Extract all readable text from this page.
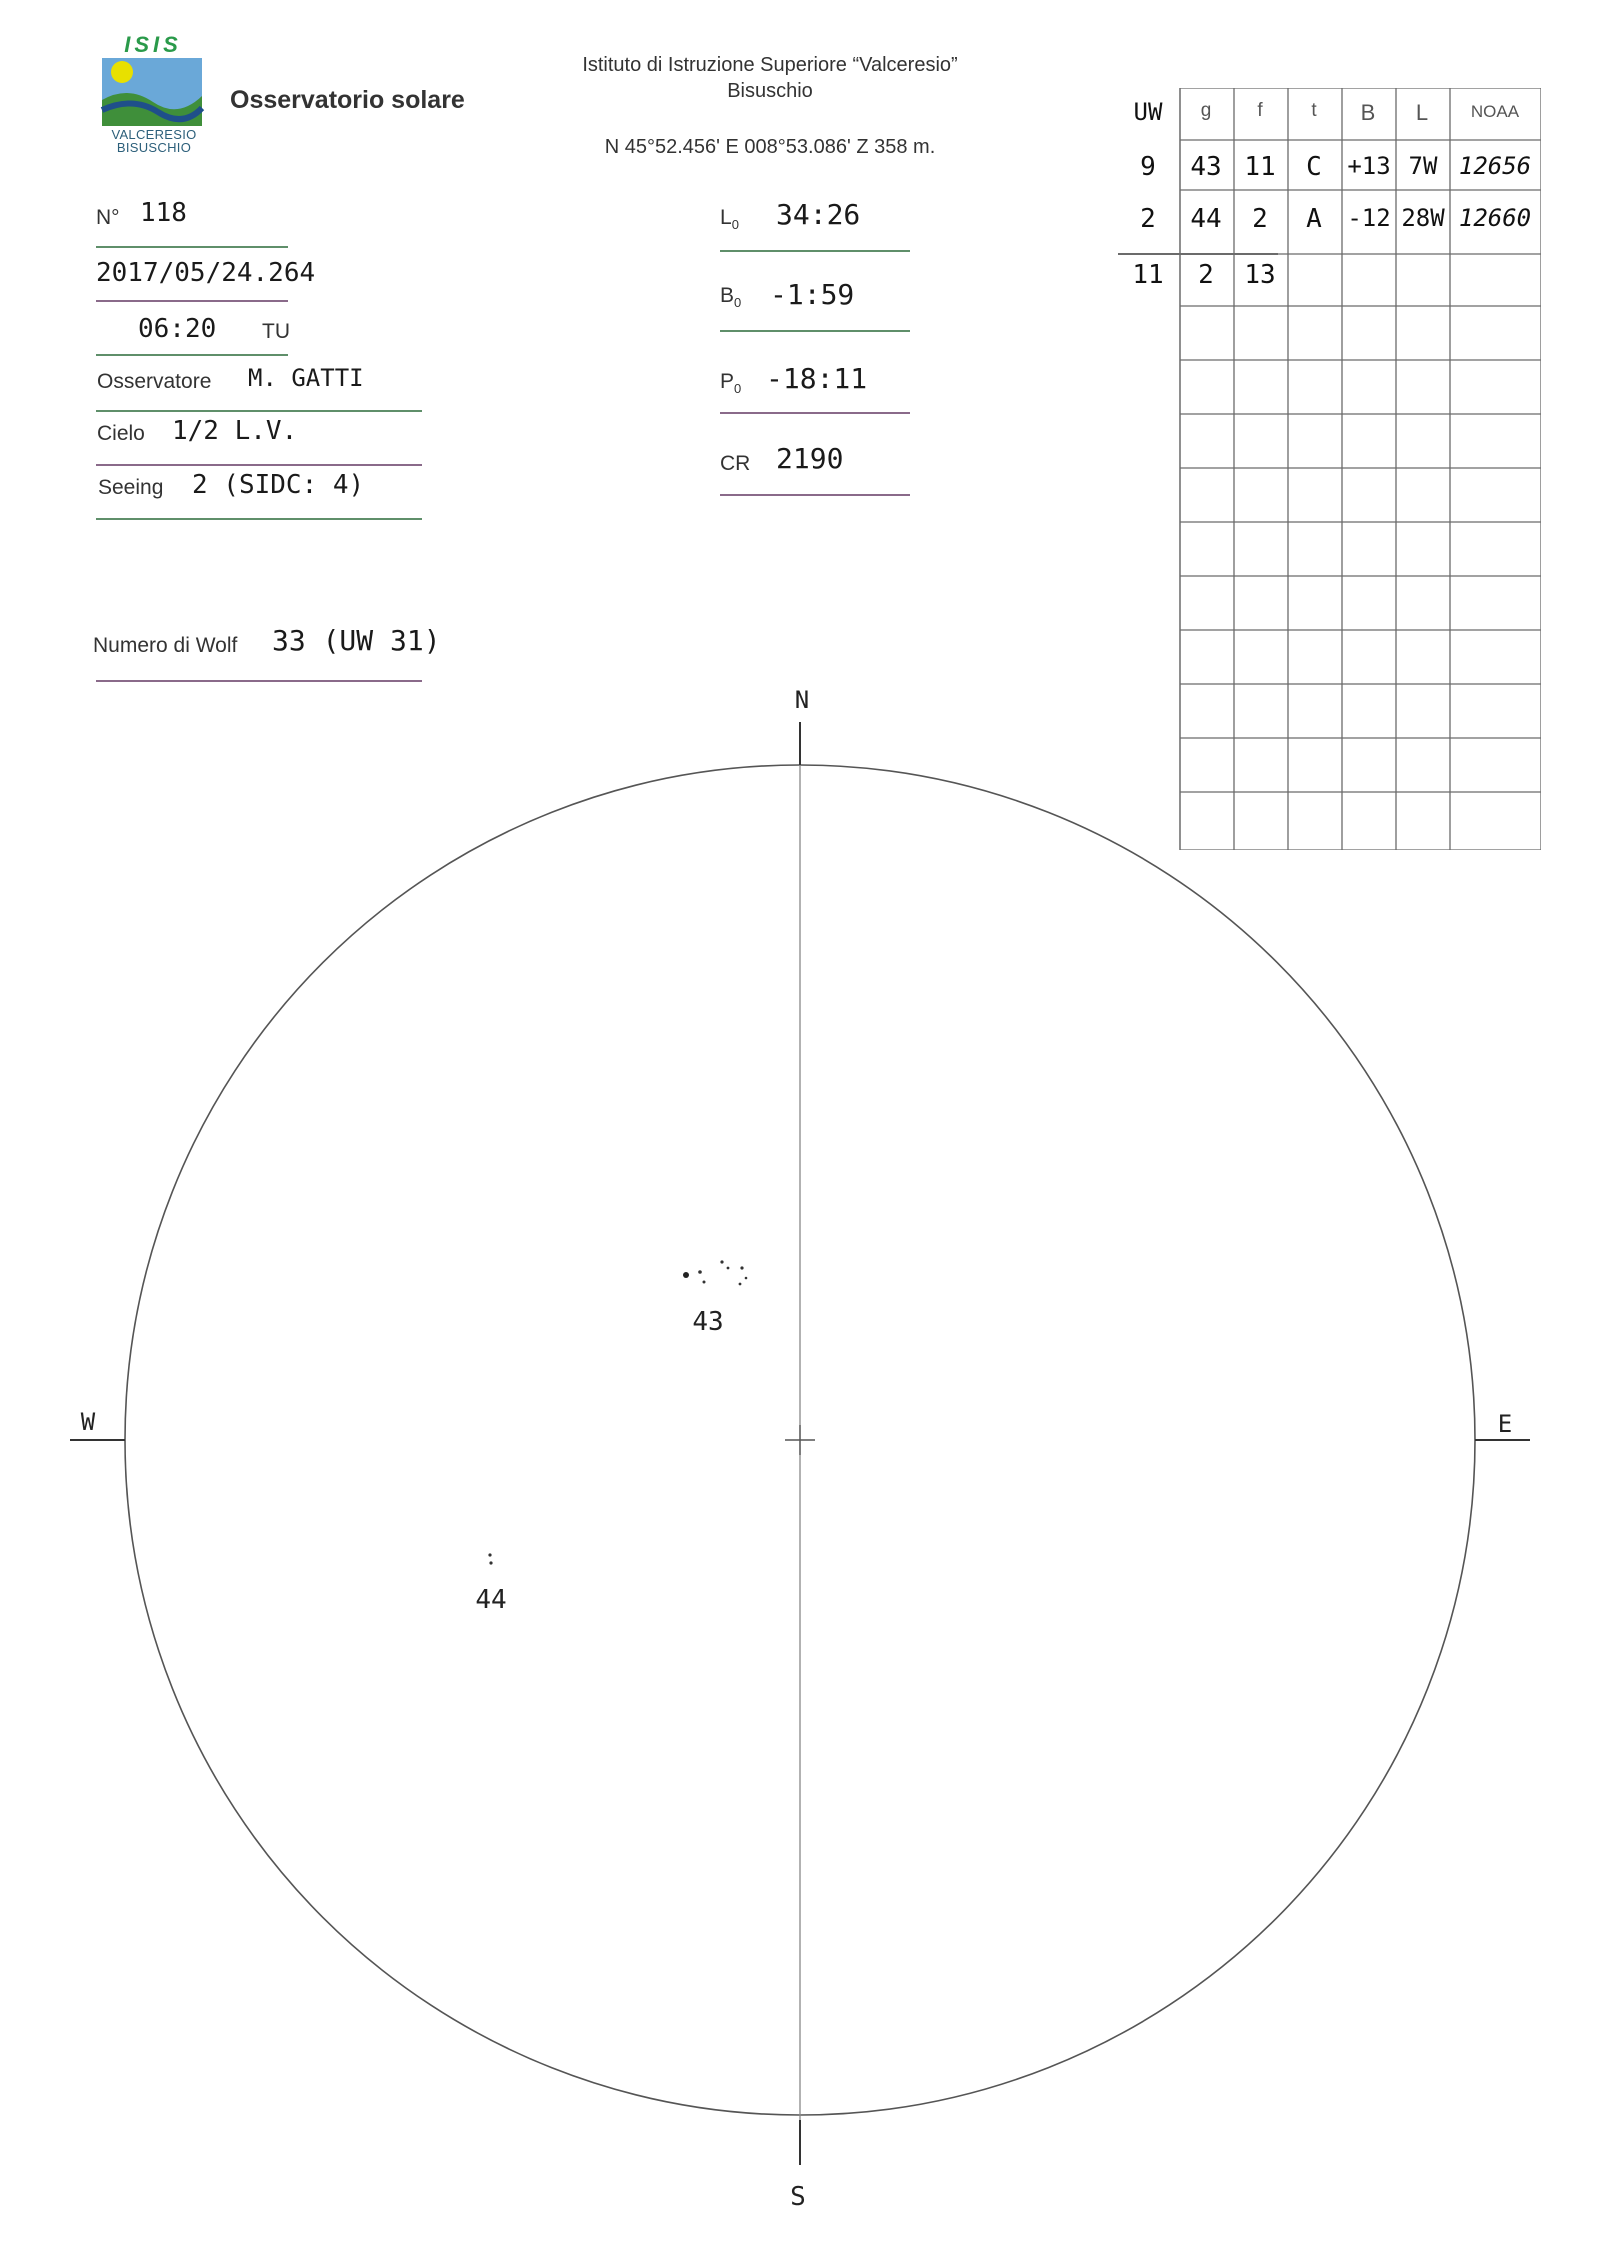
ISIS
VALCERESIO
BISUSCHIO
Osservatorio solare
Istituto di Istruzione Superiore “Valceresio”
Bisuschio
N 45°52.456' E 008°53.086' Z 358 m.
N° 118
2017/05/24.264
06:20 TU
Osservatore M. GATTI
Cielo 1/2 L.V.
Seeing 2 (SIDC: 4)
Numero di Wolf 33 (UW 31)
$L_0$ 34:26
$B_0$ -1:59
$P_0$ -18:11
CR 2190
UW	g	f	t	B	L	NOAA
9	43 11	C	+13 7W 12656
2	44	2	A	-12 28W 12660
11	2	13
N
S
W	E
43
44
